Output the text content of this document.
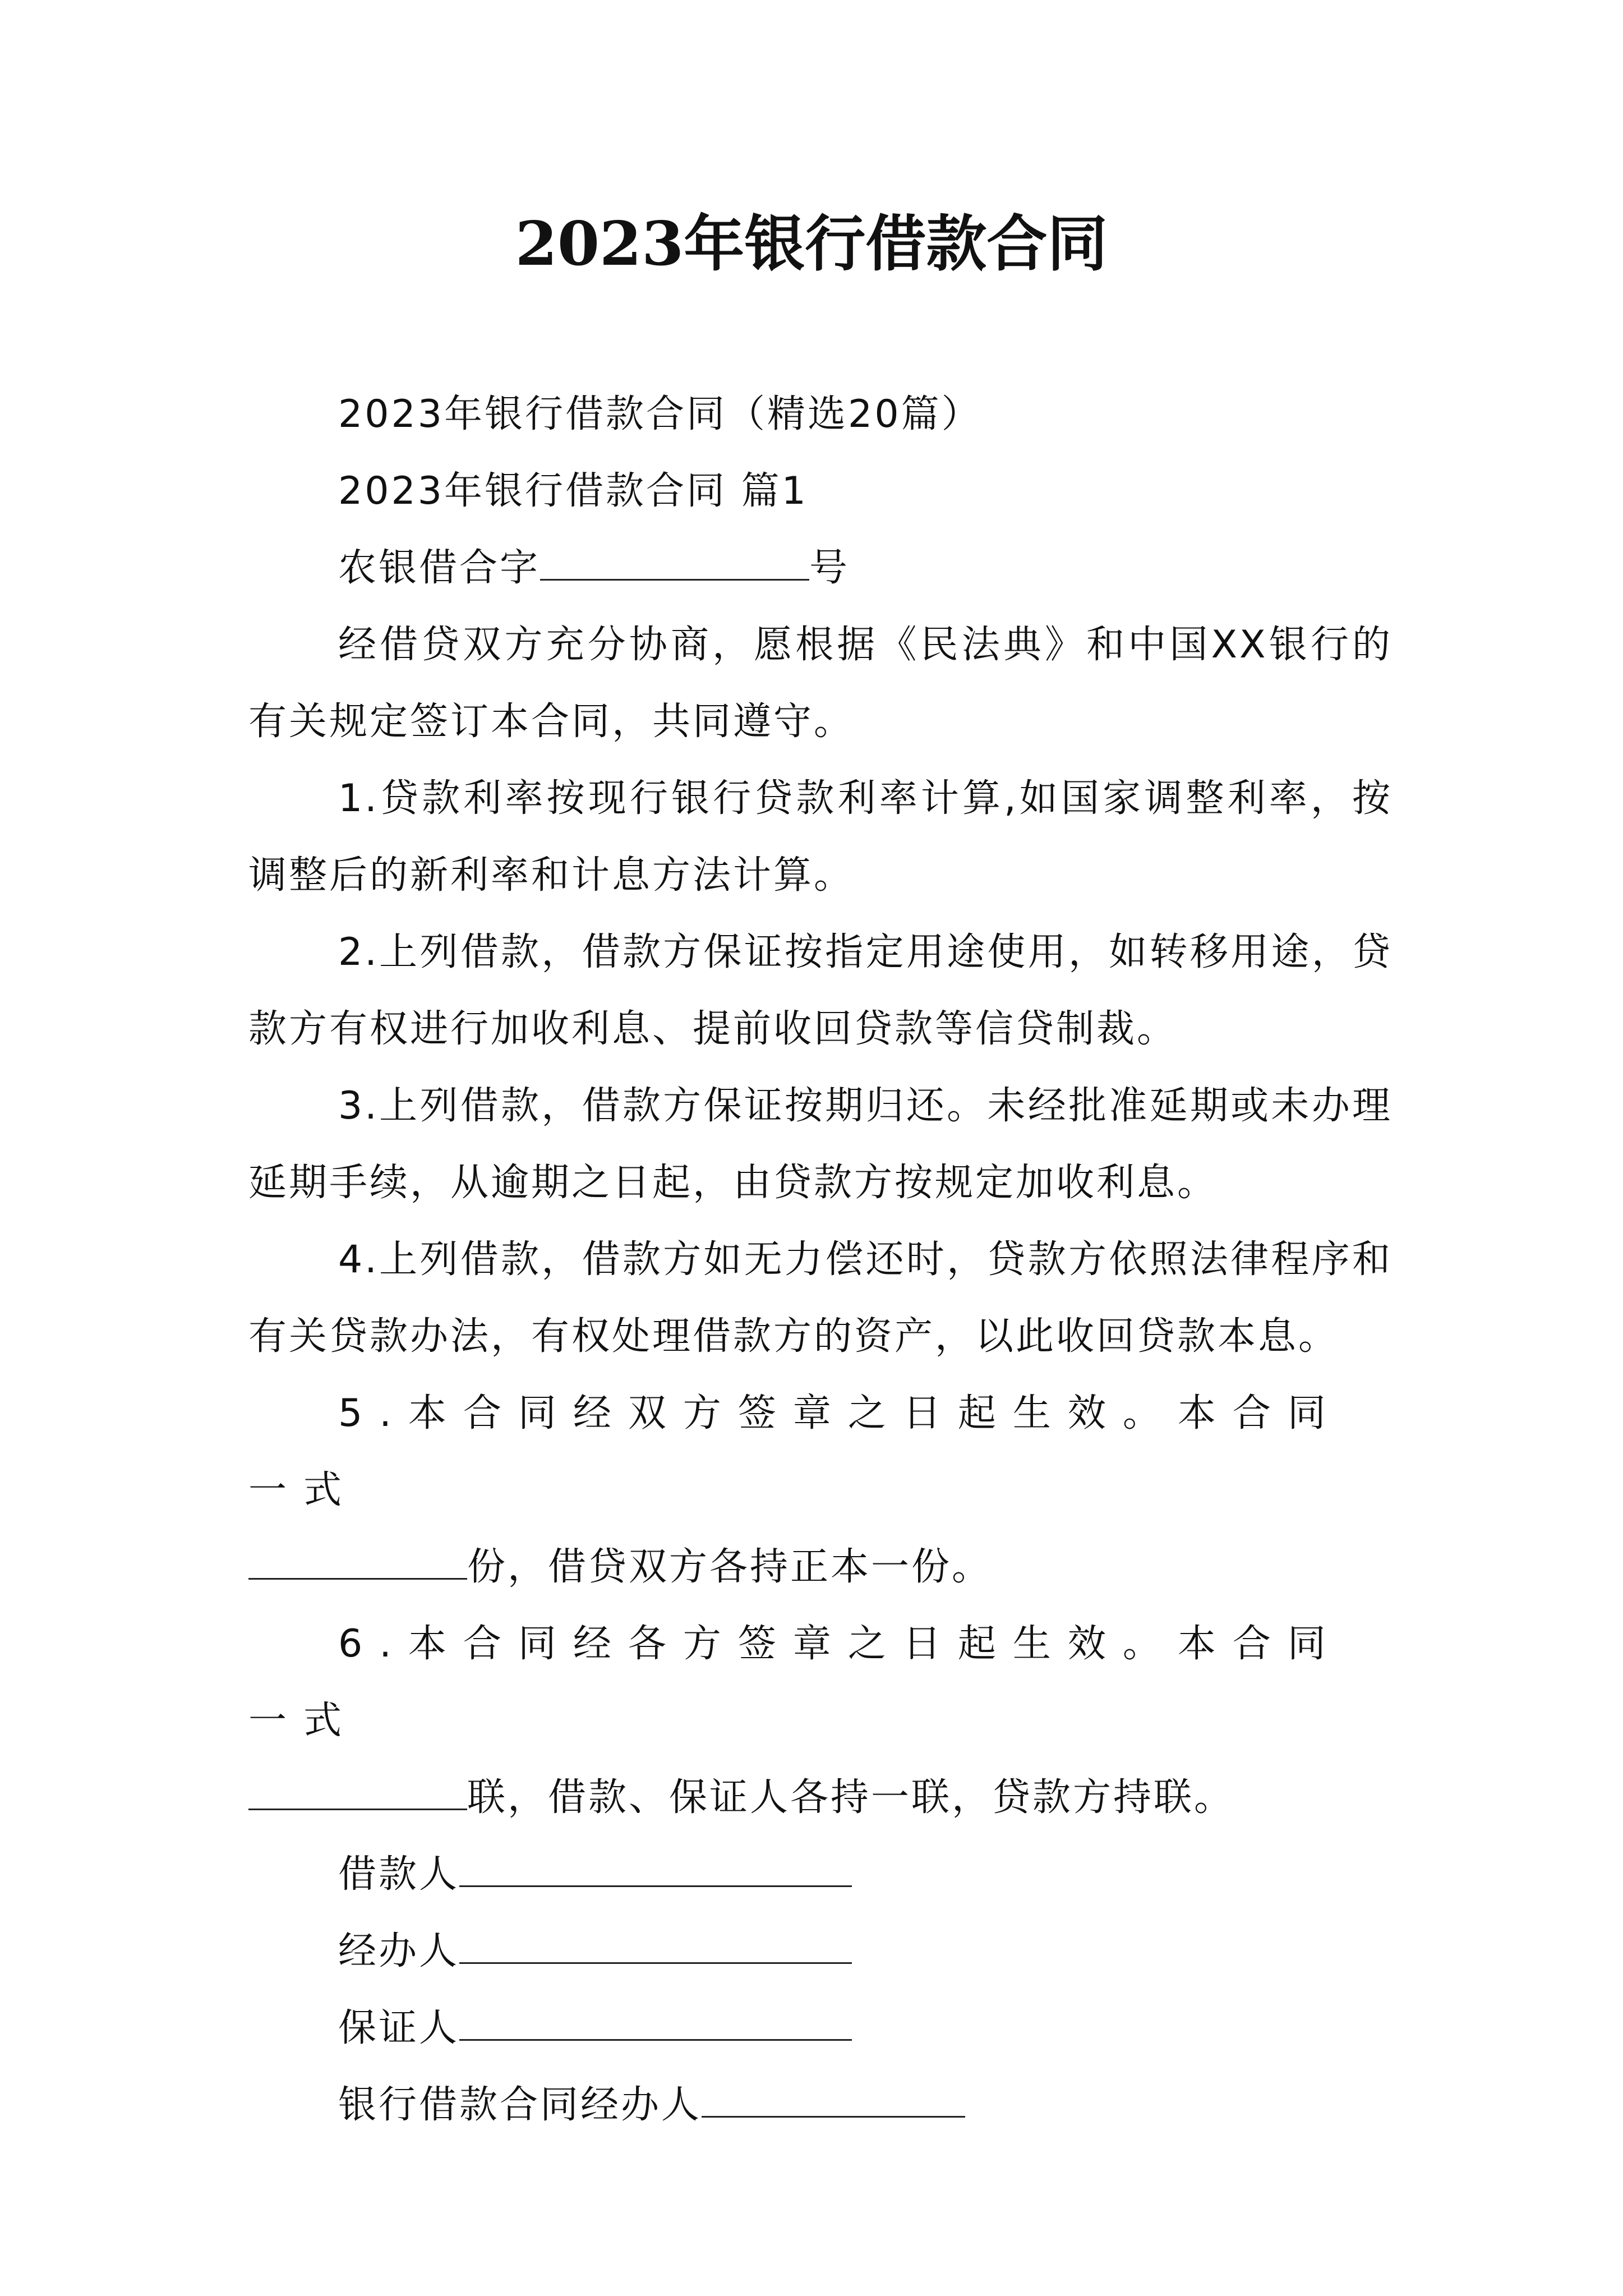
2023年银行借款合同

2023年银行借款合同（精选20篇）

2023年银行借款合同 篇1

农银借合字	号

经借贷双方充分协商，愿根据《民法典》和中国XX银行的有关规定签订本合同，共同遵守。

1.贷款利率按现行银行贷款利率计算,如国家调整利率，按调整后的新利率和计息方法计算。

2.上列借款，借款方保证按指定用途使用，如转移用途，贷款方有权进行加收利息、提前收回贷款等信贷制裁。

3.上列借款，借款方保证按期归还。未经批准延期或未办理延期手续，从逾期之日起，由贷款方按规定加收利息。

4.上列借款，借款方如无力偿还时，贷款方依照法律程序和有关贷款办法，有权处理借款方的资产，以此收回贷款本息。

5.本合同经双方签章之日起生效。本合同一式

份，借贷双方各持正本一份。

6.本合同经各方签章之日起生效。本合同一式

联，借款、保证人各持一联，贷款方持联。

借款人

经办人

保证人

银行借款合同经办人
